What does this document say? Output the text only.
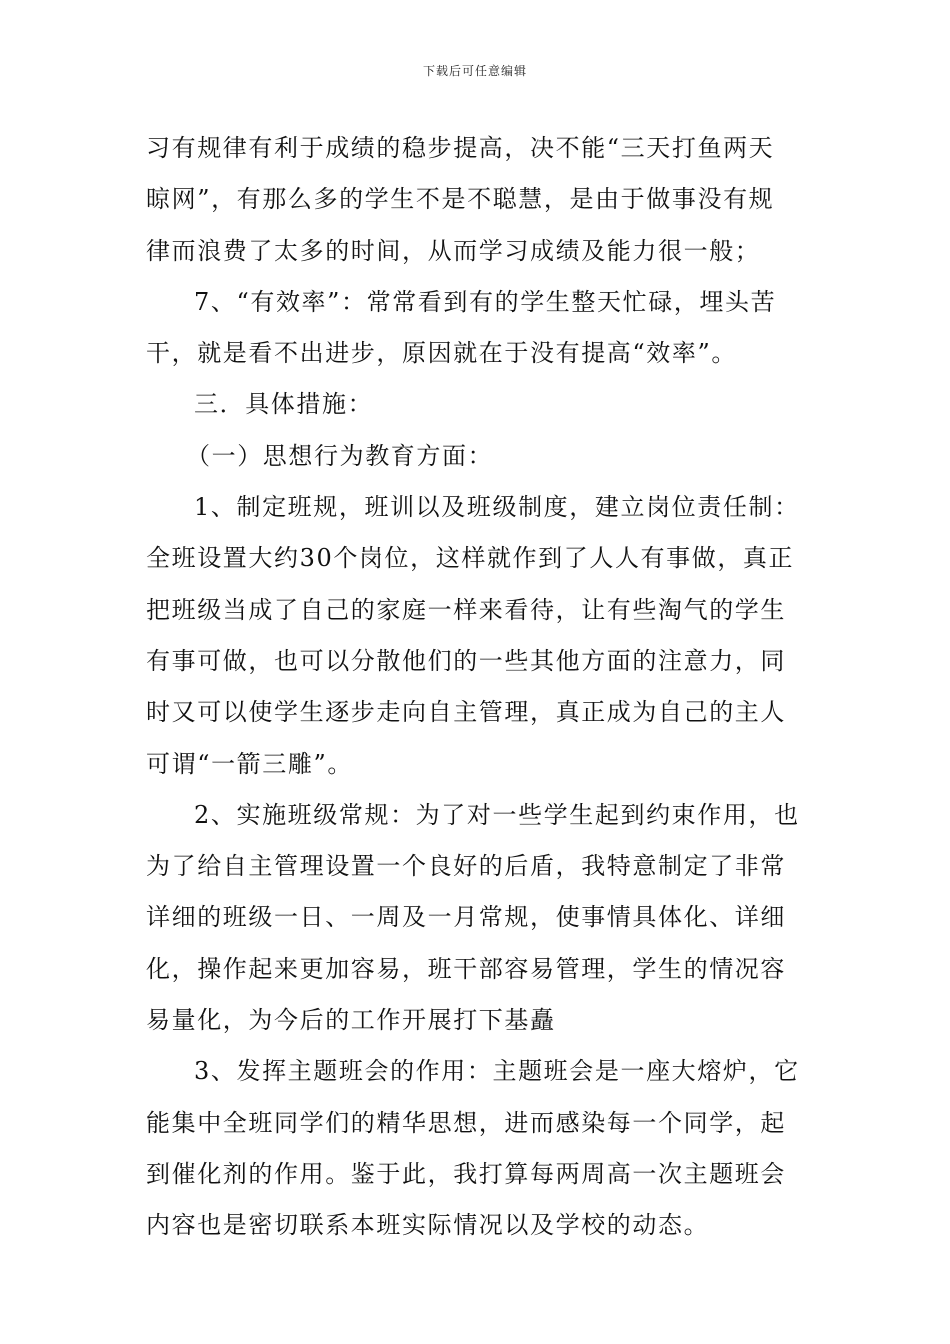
下载后可任意编辑
习有规律有利于成绩的稳步提高，决不能“三天打鱼两天
晾网”，有那么多的学生不是不聪慧，是由于做事没有规
律而浪费了太多的时间，从而学习成绩及能力很一般；
7、“有效率”：常常看到有的学生整天忙碌，埋头苦
干，就是看不出进步，原因就在于没有提高“效率”。
三．具体措施：
（一）思想行为教育方面：
1、制定班规，班训以及班级制度，建立岗位责任制：
全班设置大约30个岗位，这样就作到了人人有事做，真正
把班级当成了自己的家庭一样来看待，让有些淘气的学生
有事可做，也可以分散他们的一些其他方面的注意力，同
时又可以使学生逐步走向自主管理，真正成为自己的主人
可谓“一箭三雕”。
2、实施班级常规：为了对一些学生起到约束作用，也
为了给自主管理设置一个良好的后盾，我特意制定了非常
详细的班级一日、一周及一月常规，使事情具体化、详细
化，操作起来更加容易，班干部容易管理，学生的情况容
易量化，为今后的工作开展打下基矗
3、发挥主题班会的作用：主题班会是一座大熔炉，它
能集中全班同学们的精华思想，进而感染每一个同学，起
到催化剂的作用。鉴于此，我打算每两周高一次主题班会
内容也是密切联系本班实际情况以及学校的动态。
